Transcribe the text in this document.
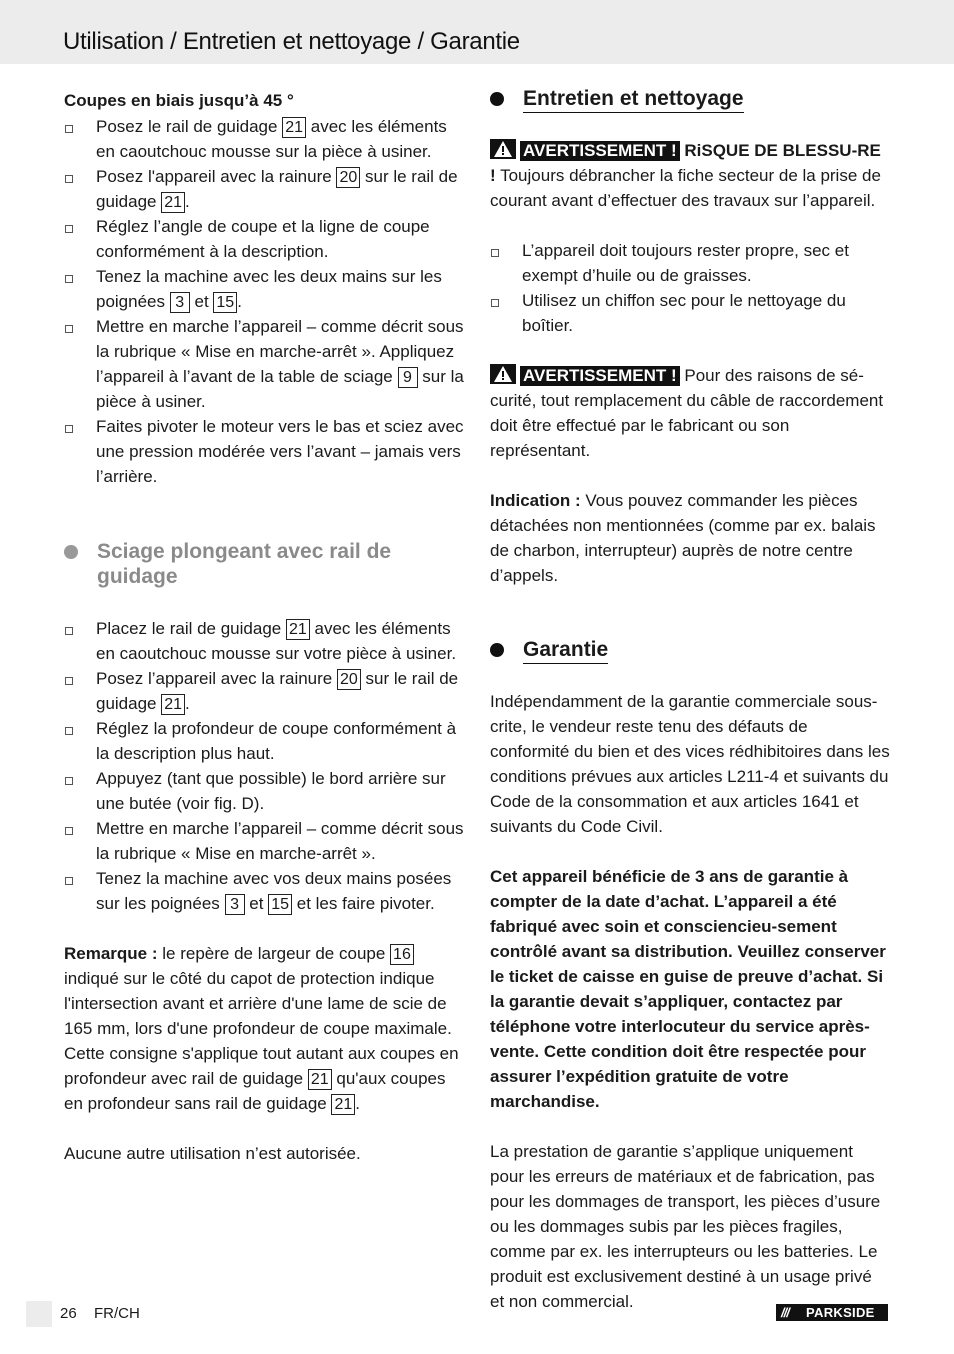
Utilisation / Entretien et nettoyage / Garantie
Coupes en biais jusqu’à 45 °
Posez le rail de guidage 21 avec les éléments en caoutchouc mousse sur la pièce à usiner.
Posez l'appareil avec la rainure 20 sur le rail de guidage 21 .
Réglez l’angle de coupe et la ligne de coupe conformément à la description.
Tenez la machine avec les deux mains sur les poignées 3 et 15 .
Mettre en marche l’appareil – comme décrit sous la rubrique « Mise en marche-arrêt ». Appliquez l’appareil à l’avant de la table de sciage 9 sur la pièce à usiner.
Faites pivoter le moteur vers le bas et sciez avec une pression modérée vers l’avant – jamais vers l’arrière.
Sciage plongeant avec rail de guidage
Placez le rail de guidage 21 avec les éléments en caoutchouc mousse sur votre pièce à usiner.
Posez l’appareil avec la rainure 20 sur le rail de guidage 21 .
Réglez la profondeur de coupe conformément à la description plus haut.
Appuyez (tant que possible) le bord arrière sur une butée (voir fig. D).
Mettre en marche l’appareil – comme décrit sous la rubrique « Mise en marche-arrêt ».
Tenez la machine avec vos deux mains posées sur les poignées 3 et 15 et les faire pivoter.
Remarque : le repère de largeur de coupe 16 indiqué sur le côté du capot de protection indique l'intersection avant et arrière d'une lame de scie de 165 mm, lors d'une profondeur de coupe maximale. Cette consigne s'applique tout autant aux coupes en profondeur avec rail de guidage 21 qu'aux coupes en profondeur sans rail de guidage 21 .
Aucune autre utilisation n’est autorisée.
Entretien et nettoyage
AVERTISSEMENT ! RiSQUE DE BLESSU-RE ! Toujours débrancher la fiche secteur de la prise de courant avant d’effectuer des travaux sur l’appareil.
L’appareil doit toujours rester propre, sec et exempt d’huile ou de graisses.
Utilisez un chiffon sec pour le nettoyage du boîtier.
AVERTISSEMENT ! Pour des raisons de sé-curité, tout remplacement du câble de raccordement doit être effectué par le fabricant ou son représentant.
Indication : Vous pouvez commander les pièces détachées non mentionnées (comme par ex. balais de charbon, interrupteur) auprès de notre centre d’appels.
Garantie
Indépendamment de la garantie commerciale sous-crite, le vendeur reste tenu des défauts de conformité du bien et des vices rédhibitoires dans les conditions prévues aux articles L211-4 et suivants du Code de la consommation et aux articles 1641 et suivants du Code Civil.
Cet appareil bénéficie de 3 ans de garantie à compter de la date d’achat. L’appareil a été fabriqué avec soin et consciencieu-sement contrôlé avant sa distribution. Veuillez conserver le ticket de caisse en guise de preuve d’achat. Si la garantie devait s’appliquer, contactez par téléphone votre interlocuteur du service après-vente. Cette condition doit être respectée pour assurer l’expédition gratuite de votre marchandise.
La prestation de garantie s’applique uniquement pour les erreurs de matériaux et de fabrication, pas pour les dommages de transport, les pièces d’usure ou les dommages subis par les pièces fragiles, comme par ex. les interrupteurs ou les batteries. Le produit est exclusivement destiné à un usage privé et non commercial.
26 FR/CH	/// PARKSIDE
